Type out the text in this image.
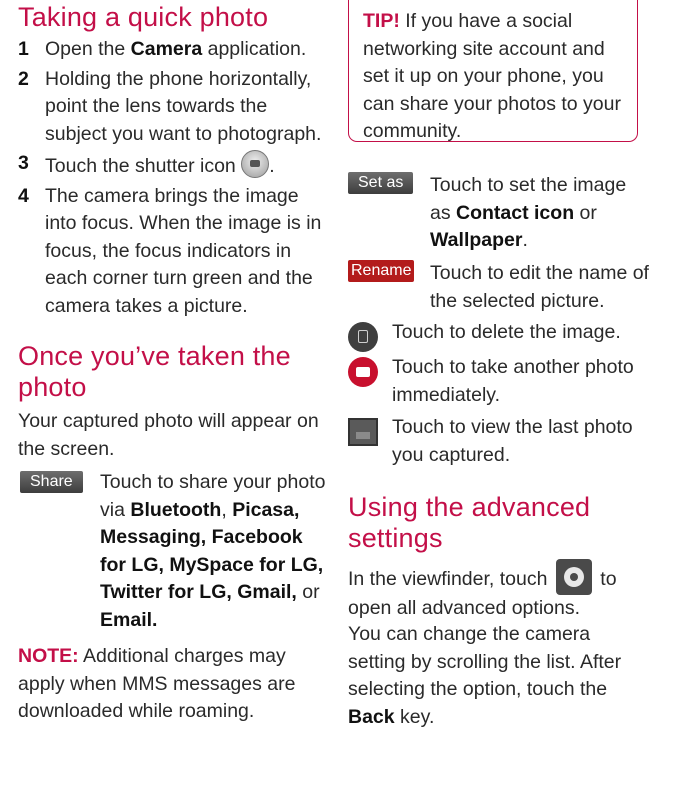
Taking a quick photo
1 Open the Camera application.
2 Holding the phone horizontally, point the lens towards the subject you want to photograph.
3 Touch the shutter icon .
4 The camera brings the image into focus. When the image is in focus, the focus indicators in each corner turn green and the camera takes a picture.
Once you’ve taken the photo
Your captured photo will appear on the screen.
Share	Touch to share your photo via Bluetooth, Picasa, Messaging, Facebook for LG, MySpace for LG, Twitter for LG, Gmail, or Email.
NOTE: Additional charges may apply when MMS messages are downloaded while roaming.
TIP! If you have a social networking site account and set it up on your phone, you can share your photos to your community.
Set as	Touch to set the image as Contact icon or Wallpaper.
Rename Touch to edit the name of the selected picture.
Touch to delete the image.
Touch to take another photo immediately.
Touch to view the last photo you captured.
Using the advanced settings
In the viewfinder, touch  to open all advanced options.
You can change the camera setting by scrolling the list. After selecting the option, touch the Back key.
